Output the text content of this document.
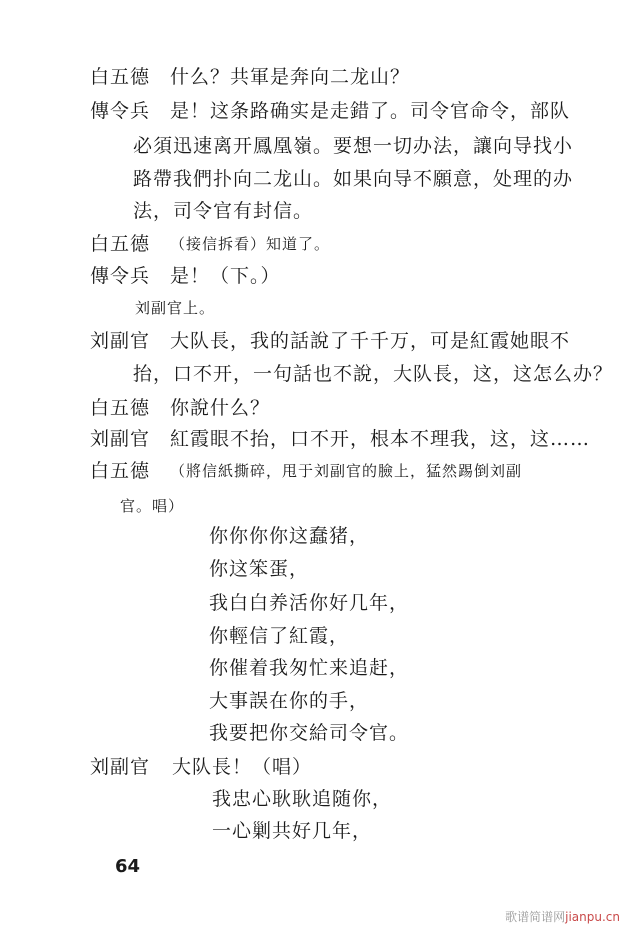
白五德 什么？共軍是奔向二龙山？
傳令兵 是！这条路确实是走錯了。司令官命令，部队
必須迅速离开鳳凰嶺。要想一切办法，讓向导找小
路帶我們扑向二龙山。如果向导不願意，处理的办
法，司令官有封信。
白五德 （接信拆看）知道了。
傳令兵 是！（下。）
刘副官上。
刘副官 大队長，我的話說了千千万，可是紅霞她眼不
抬，口不开，一句話也不說，大队長，这，这怎么办？
白五德 你說什么？
刘副官 紅霞眼不抬，口不开，根本不理我，这，这……
白五德 （將信紙撕碎，甩于刘副官的臉上，猛然踢倒刘副
官。唱）
你你你你这蠢猪，
你这笨蛋，
我白白养活你好几年，
你輕信了紅霞，
你催着我匆忙来追赶，
大事誤在你的手，
我要把你交給司令官。
刘副官 大队長！（唱）
我忠心耿耿追随你，
一心剿共好几年，
64
歌谱简谱网jianpu.cn
